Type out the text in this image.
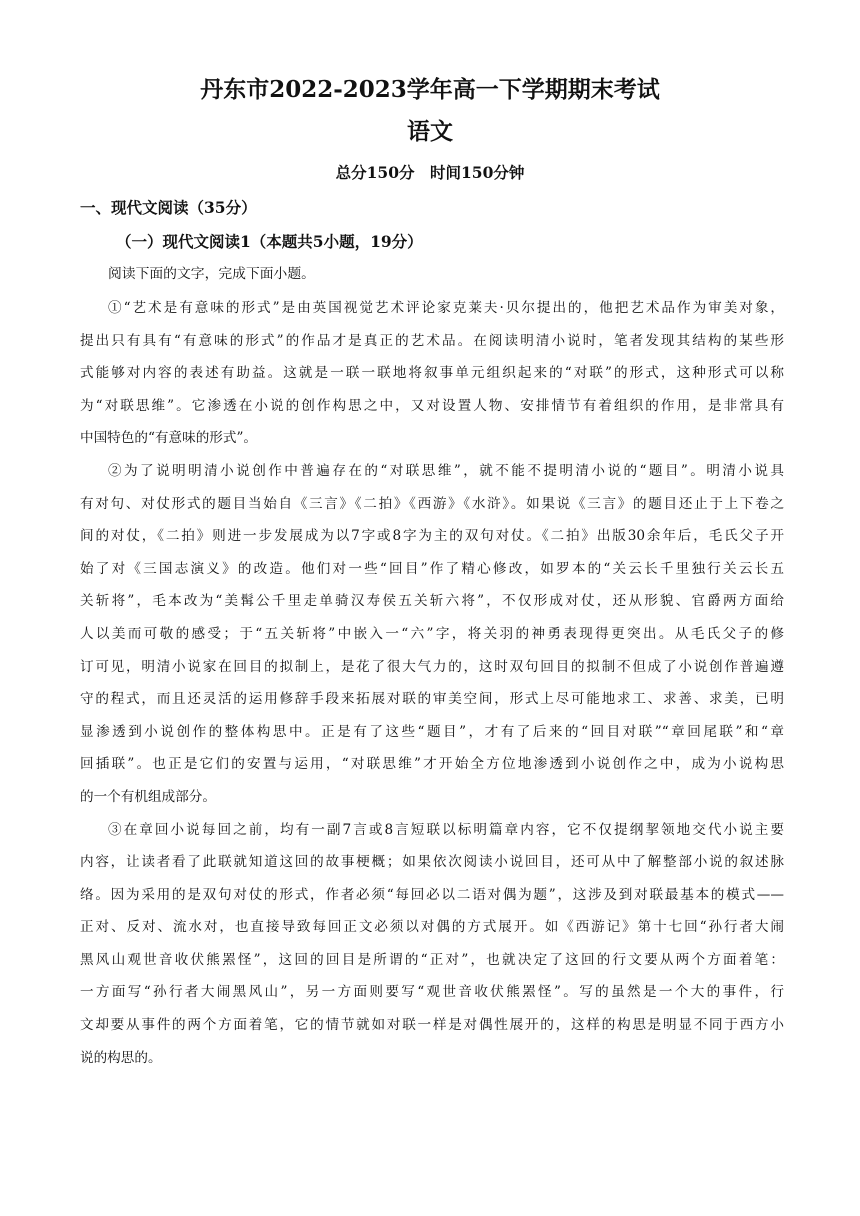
丹东市2022-2023学年高一下学期期末考试
语文
总分150分　时间150分钟
一、现代文阅读（35分）
（一）现代文阅读1（本题共5小题，19分）
阅读下面的文字，完成下面小题。
①“艺术是有意味的形式”是由英国视觉艺术评论家克莱夫·贝尔提出的，他把艺术品作为审美对象，
提出只有具有“有意味的形式”的作品才是真正的艺术品。在阅读明清小说时，笔者发现其结构的某些形
式能够对内容的表述有助益。这就是一联一联地将叙事单元组织起来的“对联”的形式，这种形式可以称
为“对联思维”。它渗透在小说的创作构思之中，又对设置人物、安排情节有着组织的作用，是非常具有
中国特色的“有意味的形式”。
②为了说明明清小说创作中普遍存在的“对联思维”，就不能不提明清小说的“题目”。明清小说具
有对句、对仗形式的题目当始自《三言》《二拍》《西游》《水浒》。如果说《三言》的题目还止于上下卷之
间的对仗，《二拍》则进一步发展成为以7字或8字为主的双句对仗。《二拍》出版30余年后，毛氏父子开
始了对《三国志演义》的改造。他们对一些“回目”作了精心修改，如罗本的“关云长千里独行关云长五
关斩将”，毛本改为“美髯公千里走单骑汉寿侯五关斩六将”，不仅形成对仗，还从形貌、官爵两方面给
人以美而可敬的感受；于“五关斩将”中嵌入一“六”字，将关羽的神勇表现得更突出。从毛氏父子的修
订可见，明清小说家在回目的拟制上，是花了很大气力的，这时双句回目的拟制不但成了小说创作普遍遵
守的程式，而且还灵活的运用修辞手段来拓展对联的审美空间，形式上尽可能地求工、求善、求美，已明
显渗透到小说创作的整体构思中。正是有了这些“题目”，才有了后来的“回目对联”“章回尾联”和“章
回插联”。也正是它们的安置与运用，“对联思维”才开始全方位地渗透到小说创作之中，成为小说构思
的一个有机组成部分。
③在章回小说每回之前，均有一副7言或8言短联以标明篇章内容，它不仅提纲挈领地交代小说主要
内容，让读者看了此联就知道这回的故事梗概；如果依次阅读小说回目，还可从中了解整部小说的叙述脉
络。因为采用的是双句对仗的形式，作者必须“每回必以二语对偶为题”，这涉及到对联最基本的模式——
正对、反对、流水对，也直接导致每回正文必须以对偶的方式展开。如《西游记》第十七回“孙行者大闹
黑风山观世音收伏熊罴怪”，这回的回目是所谓的“正对”，也就决定了这回的行文要从两个方面着笔：
一方面写“孙行者大闹黑风山”，另一方面则要写“观世音收伏熊罴怪”。写的虽然是一个大的事件，行
文却要从事件的两个方面着笔，它的情节就如对联一样是对偶性展开的，这样的构思是明显不同于西方小
说的构思的。
